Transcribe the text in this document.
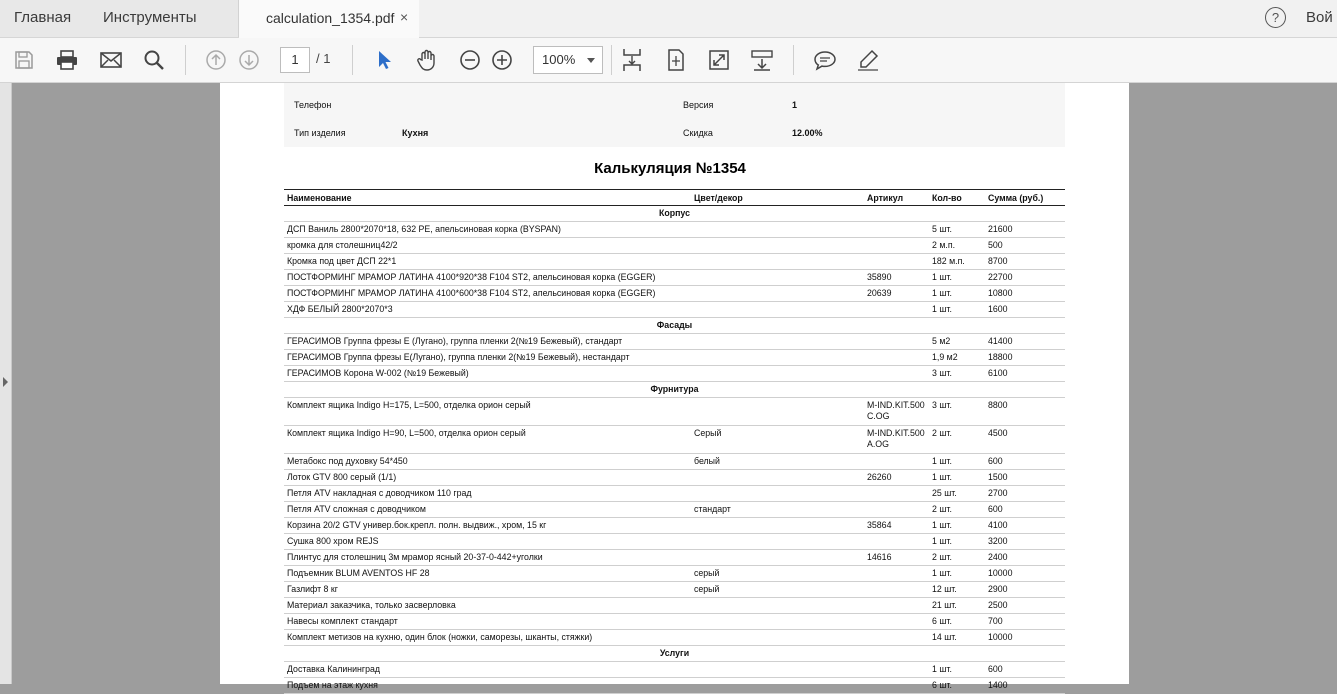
Главная Инструменты	calculation_1354.pdf ×	?	Вой
1	/ 1	100%
Телефон	Версия	1
Тип изделия	Кухня	Скидка	12.00%
Калькуляция №1354
Наименование	Цвет/декор	Артикул	Кол-во	Сумма (руб.)
Корпус				
ДСП Ваниль 2800*2070*18, 632 PE, апельсиновая корка (BYSPAN)			5 шт.	21600
кромка для столешниц42/2			2 м.п.	500
Кромка под цвет ДСП 22*1			182 м.п.	8700
ПОСТФОРМИНГ МРАМОР ЛАТИНА 4100*920*38 F104 ST2, апельсиновая корка (EGGER)		35890	1 шт.	22700
ПОСТФОРМИНГ МРАМОР ЛАТИНА 4100*600*38 F104 ST2, апельсиновая корка (EGGER)		20639	1 шт.	10800
ХДФ БЕЛЫЙ 2800*2070*3			1 шт.	1600
Фасады				
ГЕРАСИМОВ Группа фрезы Е (Лугано), группа пленки 2(№19 Бежевый), стандарт			5 м2	41400
ГЕРАСИМОВ Группа фрезы Е(Лугано), группа пленки 2(№19 Бежевый), нестандарт			1,9 м2	18800
ГЕРАСИМОВ Корона W-002 (№19 Бежевый)			3 шт.	6100
Фурнитура				
Комплект ящика Indigo H=175, L=500, отделка орион серый		M-IND.KIT.500C.OG	3 шт.	8800
Комплект ящика Indigo H=90, L=500, отделка орион серый	Серый	M-IND.KIT.500A.OG	2 шт.	4500
Метабокс под духовку 54*450	белый		1 шт.	600
Лоток GTV 800 серый (1/1)		26260	1 шт.	1500
Петля ATV накладная с доводчиком 110 град			25 шт.	2700
Петля ATV сложная с доводчиком	стандарт		2 шт.	600
Корзина 20/2 GTV универ.бок.крепл. полн. выдвиж., хром, 15 кг		35864	1 шт.	4100
Сушка 800 хром REJS			1 шт.	3200
Плинтус для столешниц 3м мрамор ясный 20-37-0-442+уголки		14616	2 шт.	2400
Подъемник BLUM AVENTOS HF 28	серый		1 шт.	10000
Газлифт 8 кг	серый		12 шт.	2900
Материал заказчика, только засверловка			21 шт.	2500
Навесы комплект стандарт			6 шт.	700
Комплект метизов на кухню, один блок (ножки, саморезы, шканты, стяжки)			14 шт.	10000
Услуги				
Доставка Калининград			1 шт.	600
Подъем на этаж кухня			6 шт.	1400
